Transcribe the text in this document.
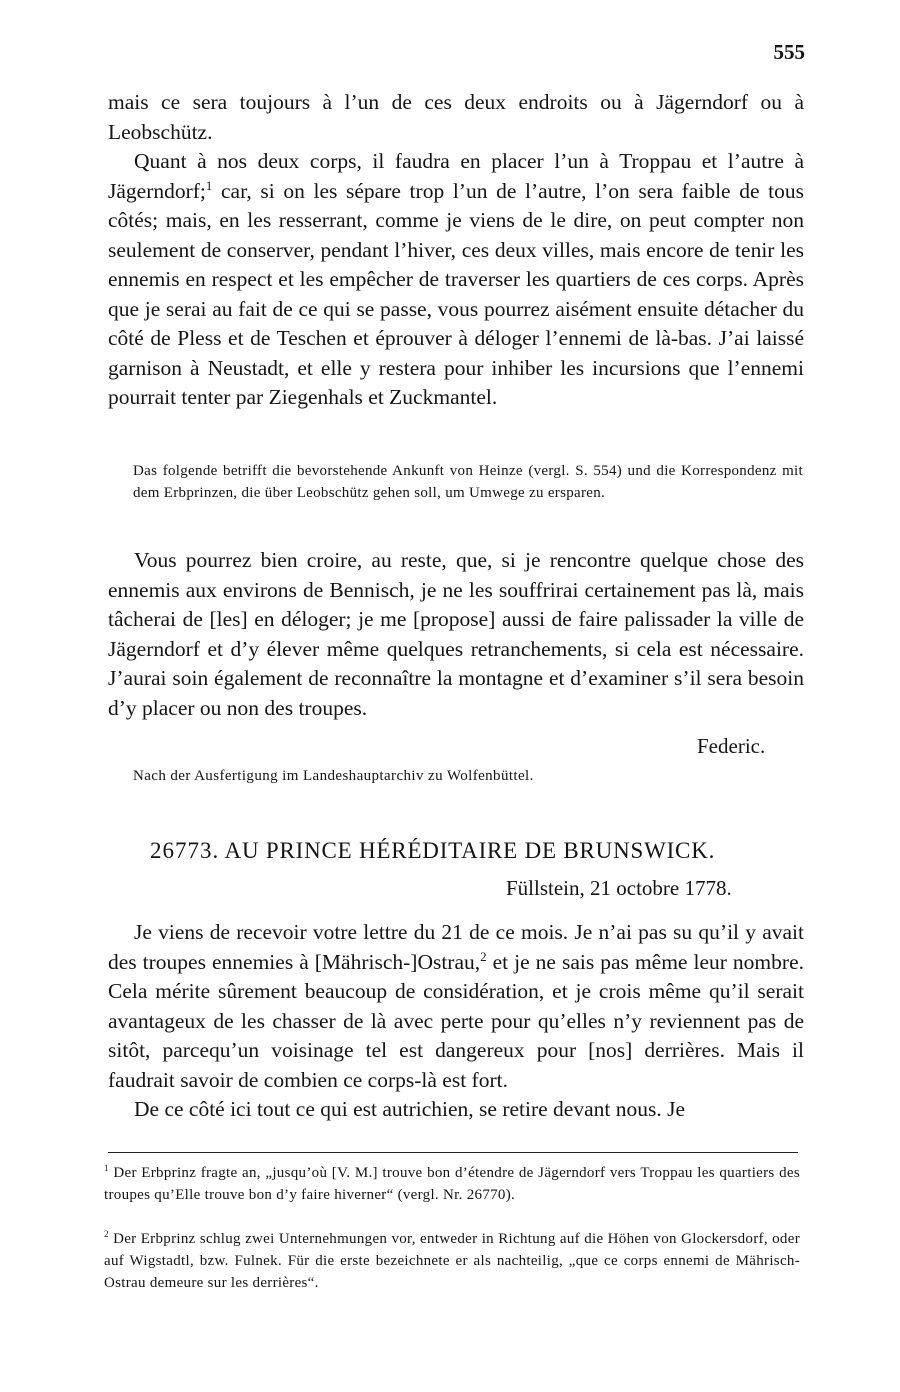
555

mais ce sera toujours à l’un de ces deux endroits ou à Jägerndorf ou à Leobschütz.

Quant à nos deux corps, il faudra en placer l’un à Troppau et l’autre à Jägerndorf;$^1$ car, si on les sépare trop l’un de l’autre, l’on sera faible de tous côtés; mais, en les resserrant, comme je viens de le dire, on peut compter non seulement de conserver, pendant l’hiver, ces deux villes, mais encore de tenir les ennemis en respect et les empêcher de traverser les quartiers de ces corps. Après que je serai au fait de ce qui se passe, vous pourrez aisément ensuite détacher du côté de Pless et de Teschen et éprouver à déloger l’ennemi de là-bas. J’ai laissé garnison à Neustadt, et elle y restera pour inhiber les incursions que l’ennemi pourrait tenter par Ziegenhals et Zuckmantel.

Das folgende betrifft die bevorstehende Ankunft von Heinze (vergl. S. 554) und die Korrespondenz mit dem Erbprinzen, die über Leobschütz gehen soll, um Umwege zu ersparen.

Vous pourrez bien croire, au reste, que, si je rencontre quelque chose des ennemis aux environs de Bennisch, je ne les souffrirai certainement pas là, mais tâcherai de [les] en déloger; je me [propose] aussi de faire palissader la ville de Jägerndorf et d’y élever même quelques retranchements, si cela est nécessaire. J’aurai soin également de reconnaître la montagne et d’examiner s’il sera besoin d’y placer ou non des troupes.

Federic.
Nach der Ausfertigung im Landeshauptarchiv zu Wolfenbüttel.
26773. AU PRINCE HÉRÉDITAIRE DE BRUNSWICK.
Füllstein, 21 octobre 1778.

Je viens de recevoir votre lettre du 21 de ce mois. Je n’ai pas su qu’il y avait des troupes ennemies à [Mährisch-]Ostrau,$^2$ et je ne sais pas même leur nombre. Cela mérite sûrement beaucoup de considération, et je crois même qu’il serait avantageux de les chasser de là avec perte pour qu’elles n’y reviennent pas de sitôt, parcequ’un voisinage tel est dangereux pour [nos] derrières. Mais il faudrait savoir de combien ce corps-là est fort.

De ce côté ici tout ce qui est autrichien, se retire devant nous. Je

$^1$ Der Erbprinz fragte an, „jusqu’où [V. M.] trouve bon d’étendre de Jägerndorf vers Troppau les quartiers des troupes qu’Elle trouve bon d’y faire hiverner“ (vergl. Nr. 26770).

$^2$ Der Erbprinz schlug zwei Unternehmungen vor, entweder in Richtung auf die Höhen von Glockersdorf, oder auf Wigstadtl, bzw. Fulnek. Für die erste bezeichnete er als nachteilig, „que ce corps ennemi de Mährisch-Ostrau demeure sur les derrières“.
